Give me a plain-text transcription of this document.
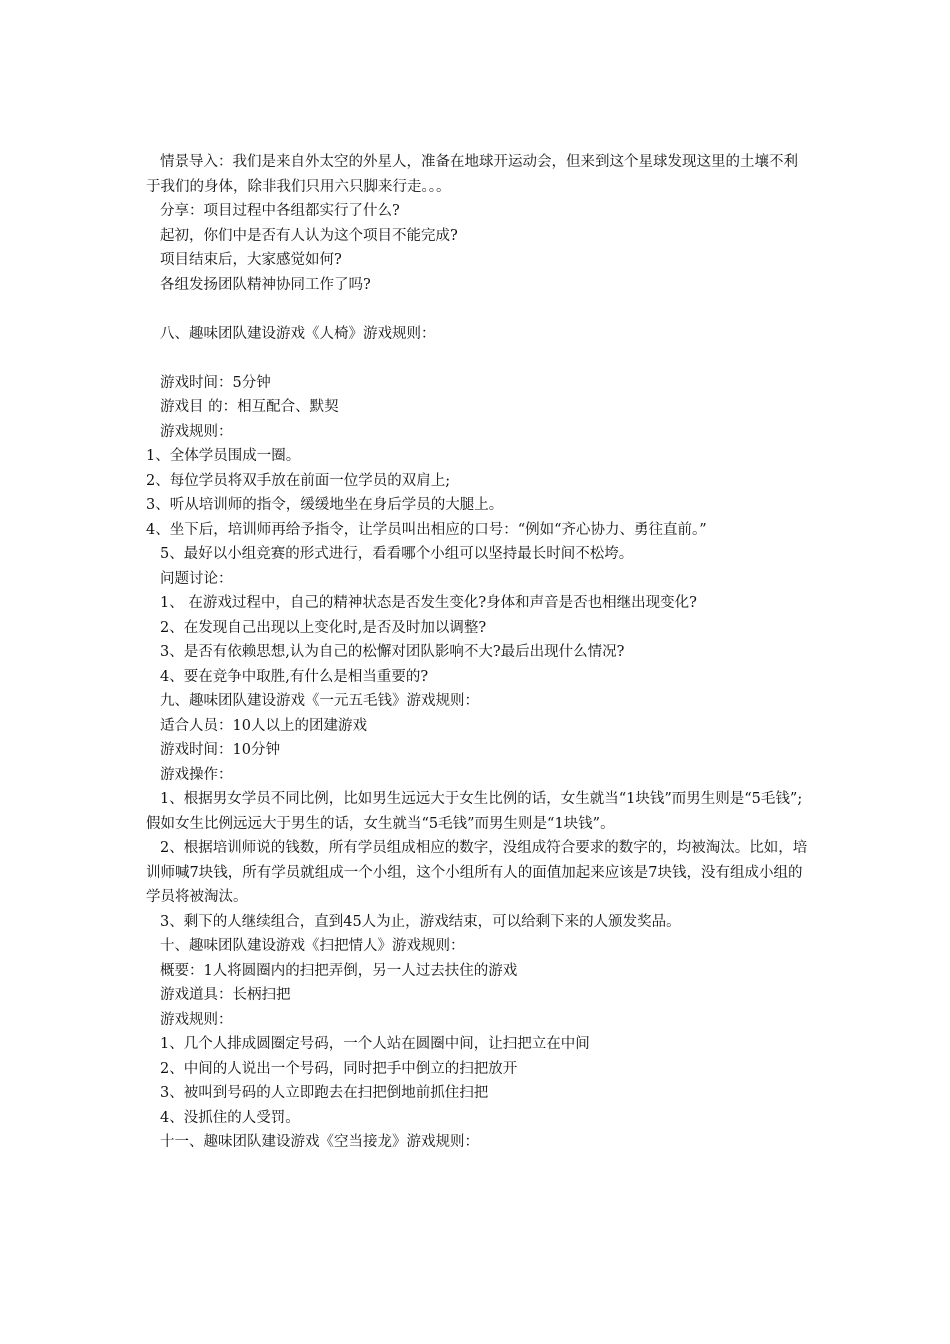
情景导入：我们是来自外太空的外星人，准备在地球开运动会，但来到这个星球发现这里的土壤不利于我们的身体，除非我们只用六只脚来行走。。。
分享：项目过程中各组都实行了什么?
起初，你们中是否有人认为这个项目不能完成?
项目结束后，大家感觉如何?
各组发扬团队精神协同工作了吗?
八、趣味团队建设游戏《人椅》游戏规则：
游戏时间：5分钟
游戏目 的：相互配合、默契
游戏规则：
1、全体学员围成一圈。
2、每位学员将双手放在前面一位学员的双肩上;
3、听从培训师的指令，缓缓地坐在身后学员的大腿上。
4、坐下后，培训师再给予指令，让学员叫出相应的口号：“例如“齐心协力、勇往直前。”
5、最好以小组竞赛的形式进行，看看哪个小组可以坚持最长时间不松垮。
问题讨论：
1、 在游戏过程中，自己的精神状态是否发生变化?身体和声音是否也相继出现变化?
2、在发现自己出现以上变化时,是否及时加以调整?
3、是否有依赖思想,认为自己的松懈对团队影响不大?最后出现什么情况?
4、要在竞争中取胜,有什么是相当重要的?
九、趣味团队建设游戏《一元五毛钱》游戏规则：
适合人员：10人以上的团建游戏
游戏时间：10分钟
游戏操作：
1、根据男女学员不同比例，比如男生远远大于女生比例的话，女生就当“1块钱”而男生则是“5毛钱”;假如女生比例远远大于男生的话，女生就当“5毛钱”而男生则是“1块钱”。
2、根据培训师说的钱数，所有学员组成相应的数字，没组成符合要求的数字的，均被淘汰。比如，培训师喊7块钱，所有学员就组成一个小组，这个小组所有人的面值加起来应该是7块钱，没有组成小组的学员将被淘汰。
3、剩下的人继续组合，直到45人为止，游戏结束，可以给剩下来的人颁发奖品。
十、趣味团队建设游戏《扫把情人》游戏规则：
概要：1人将圆圈内的扫把弄倒，另一人过去扶住的游戏
游戏道具：长柄扫把
游戏规则：
1、几个人排成圆圈定号码，一个人站在圆圈中间，让扫把立在中间
2、中间的人说出一个号码，同时把手中倒立的扫把放开
3、被叫到号码的人立即跑去在扫把倒地前抓住扫把
4、没抓住的人受罚。
十一、趣味团队建设游戏《空当接龙》游戏规则：
